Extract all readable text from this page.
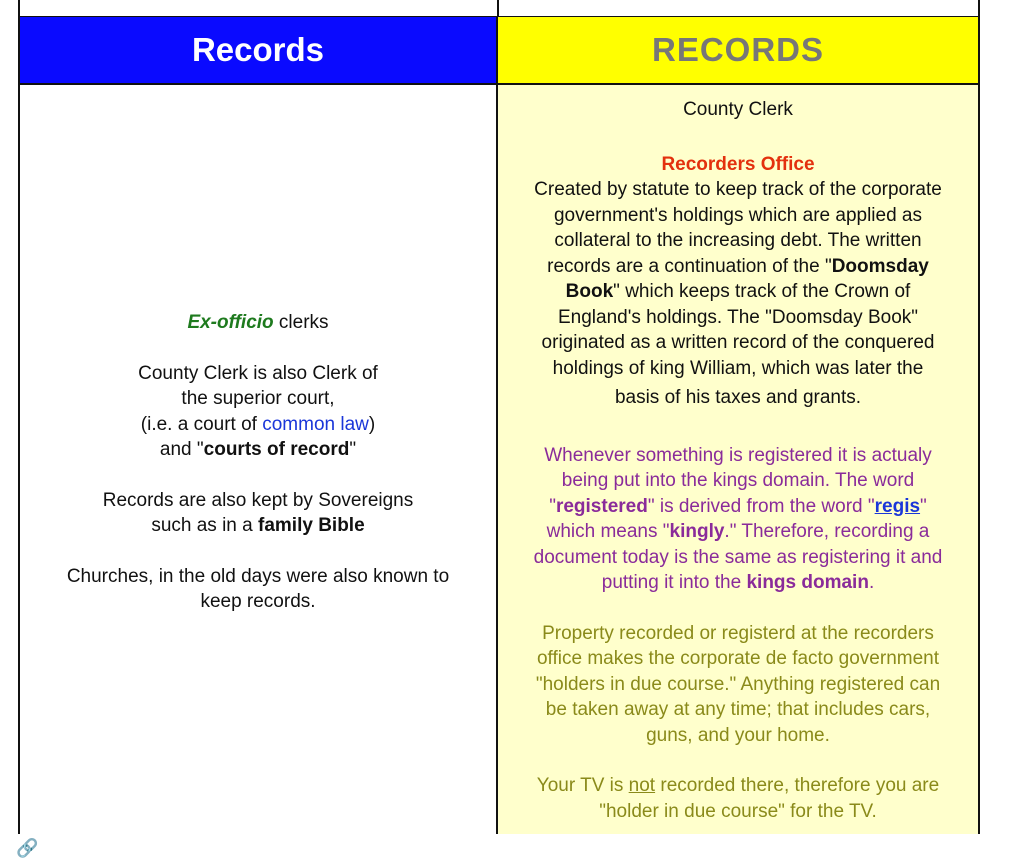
Records	RECORDS
Ex-officio clerks
County Clerk is also Clerk of
the superior court,
(i.e. a court of common law)
and "courts of record"
Records are also kept by Sovereigns
such as in a family Bible
Churches, in the old days were also known to
keep records.
County Clerk
Recorders Office
Created by statute to keep track of the corporate
government's holdings which are applied as
collateral to the increasing debt. The written
records are a continuation of the "Doomsday
Book" which keeps track of the Crown of
England's holdings. The "Doomsday Book"
originated as a written record of the conquered
holdings of king William, which was later the
basis of his taxes and grants.
Whenever something is registered it is actualy
being put into the kings domain. The word
"registered" is derived from the word "regis"
which means "kingly." Therefore, recording a
document today is the same as registering it and
putting it into the kings domain.
Property recorded or registerd at the recorders
office makes the corporate de facto government
"holders in due course." Anything registered can
be taken away at any time; that includes cars,
guns, and your home.
Your TV is not recorded there, therefore you are
"holder in due course" for the TV.
🔗
